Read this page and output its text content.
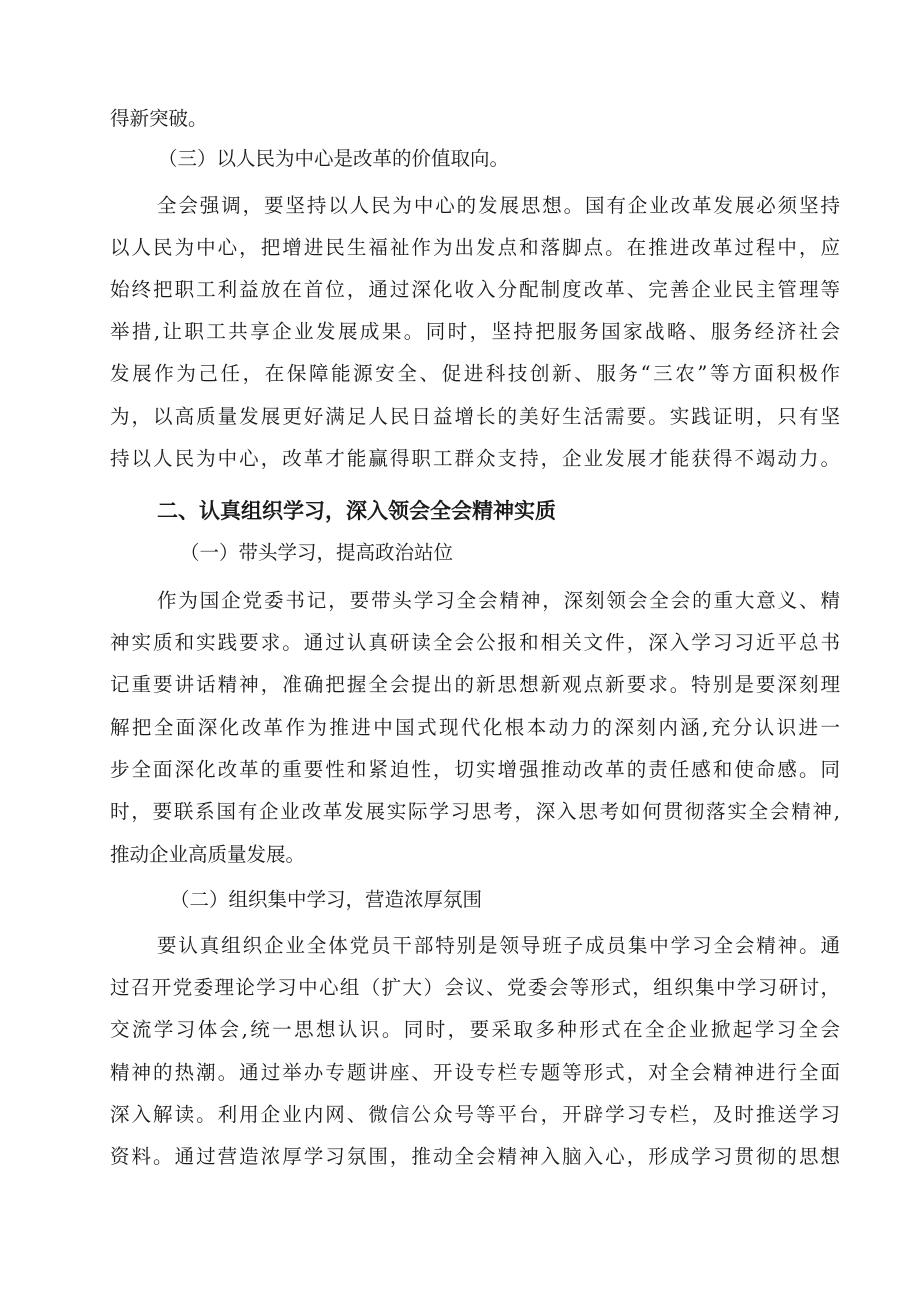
得新突破。
（三）以人民为中心是改革的价值取向。
全会强调，要坚持以人民为中心的发展思想。国有企业改革发展必须坚持
以人民为中心，把增进民生福祉作为出发点和落脚点。在推进改革过程中，应
始终把职工利益放在首位，通过深化收入分配制度改革、完善企业民主管理等
举措,让职工共享企业发展成果。同时，坚持把服务国家战略、服务经济社会
发展作为己任，在保障能源安全、促进科技创新、服务“三农”等方面积极作
为，以高质量发展更好满足人民日益增长的美好生活需要。实践证明，只有坚
持以人民为中心，改革才能赢得职工群众支持，企业发展才能获得不竭动力。
二、认真组织学习，深入领会全会精神实质
（一）带头学习，提高政治站位
作为国企党委书记，要带头学习全会精神，深刻领会全会的重大意义、精
神实质和实践要求。通过认真研读全会公报和相关文件，深入学习习近平总书
记重要讲话精神，准确把握全会提出的新思想新观点新要求。特别是要深刻理
解把全面深化改革作为推进中国式现代化根本动力的深刻内涵,充分认识进一
步全面深化改革的重要性和紧迫性，切实增强推动改革的责任感和使命感。同
时，要联系国有企业改革发展实际学习思考，深入思考如何贯彻落实全会精神,
推动企业高质量发展。
（二）组织集中学习，营造浓厚氛围
要认真组织企业全体党员干部特别是领导班子成员集中学习全会精神。通
过召开党委理论学习中心组（扩大）会议、党委会等形式，组织集中学习研讨，
交流学习体会,统一思想认识。同时，要采取多种形式在全企业掀起学习全会
精神的热潮。通过举办专题讲座、开设专栏专题等形式，对全会精神进行全面
深入解读。利用企业内网、微信公众号等平台，开辟学习专栏，及时推送学习
资料。通过营造浓厚学习氛围，推动全会精神入脑入心，形成学习贯彻的思想
